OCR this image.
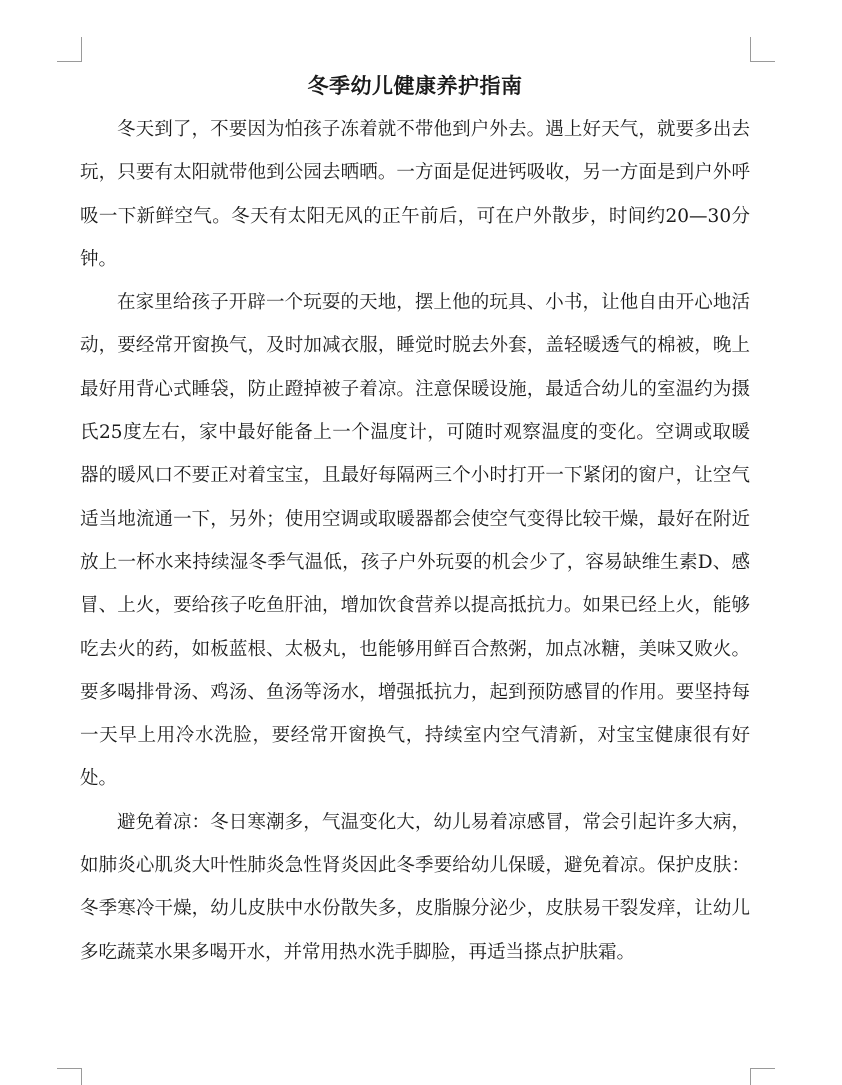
冬季幼儿健康养护指南

冬天到了，不要因为怕孩子冻着就不带他到户外去。遇上好天气，就要多出去玩，只要有太阳就带他到公园去晒晒。一方面是促进钙吸收，另一方面是到户外呼吸一下新鲜空气。冬天有太阳无风的正午前后，可在户外散步，时间约20—30分钟。

在家里给孩子开辟一个玩耍的天地，摆上他的玩具、小书，让他自由开心地活动，要经常开窗换气，及时加减衣服，睡觉时脱去外套，盖轻暖透气的棉被，晚上最好用背心式睡袋，防止蹬掉被子着凉。注意保暖设施，最适合幼儿的室温约为摄氏25度左右，家中最好能备上一个温度计，可随时观察温度的变化。空调或取暖器的暖风口不要正对着宝宝，且最好每隔两三个小时打开一下紧闭的窗户，让空气适当地流通一下，另外；使用空调或取暖器都会使空气变得比较干燥，最好在附近放上一杯水来持续湿冬季气温低，孩子户外玩耍的机会少了，容易缺维生素D、感冒、上火，要给孩子吃鱼肝油，增加饮食营养以提高抵抗力。如果已经上火，能够吃去火的药，如板蓝根、太极丸，也能够用鲜百合熬粥，加点冰糖，美味又败火。要多喝排骨汤、鸡汤、鱼汤等汤水，增强抵抗力，起到预防感冒的作用。要坚持每一天早上用冷水洗脸，要经常开窗换气，持续室内空气清新，对宝宝健康很有好处。

避免着凉：冬日寒潮多，气温变化大，幼儿易着凉感冒，常会引起许多大病，如肺炎心肌炎大叶性肺炎急性肾炎因此冬季要给幼儿保暖，避免着凉。保护皮肤：冬季寒冷干燥，幼儿皮肤中水份散失多，皮脂腺分泌少，皮肤易干裂发痒，让幼儿多吃蔬菜水果多喝开水，并常用热水洗手脚脸，再适当搽点护肤霜。
